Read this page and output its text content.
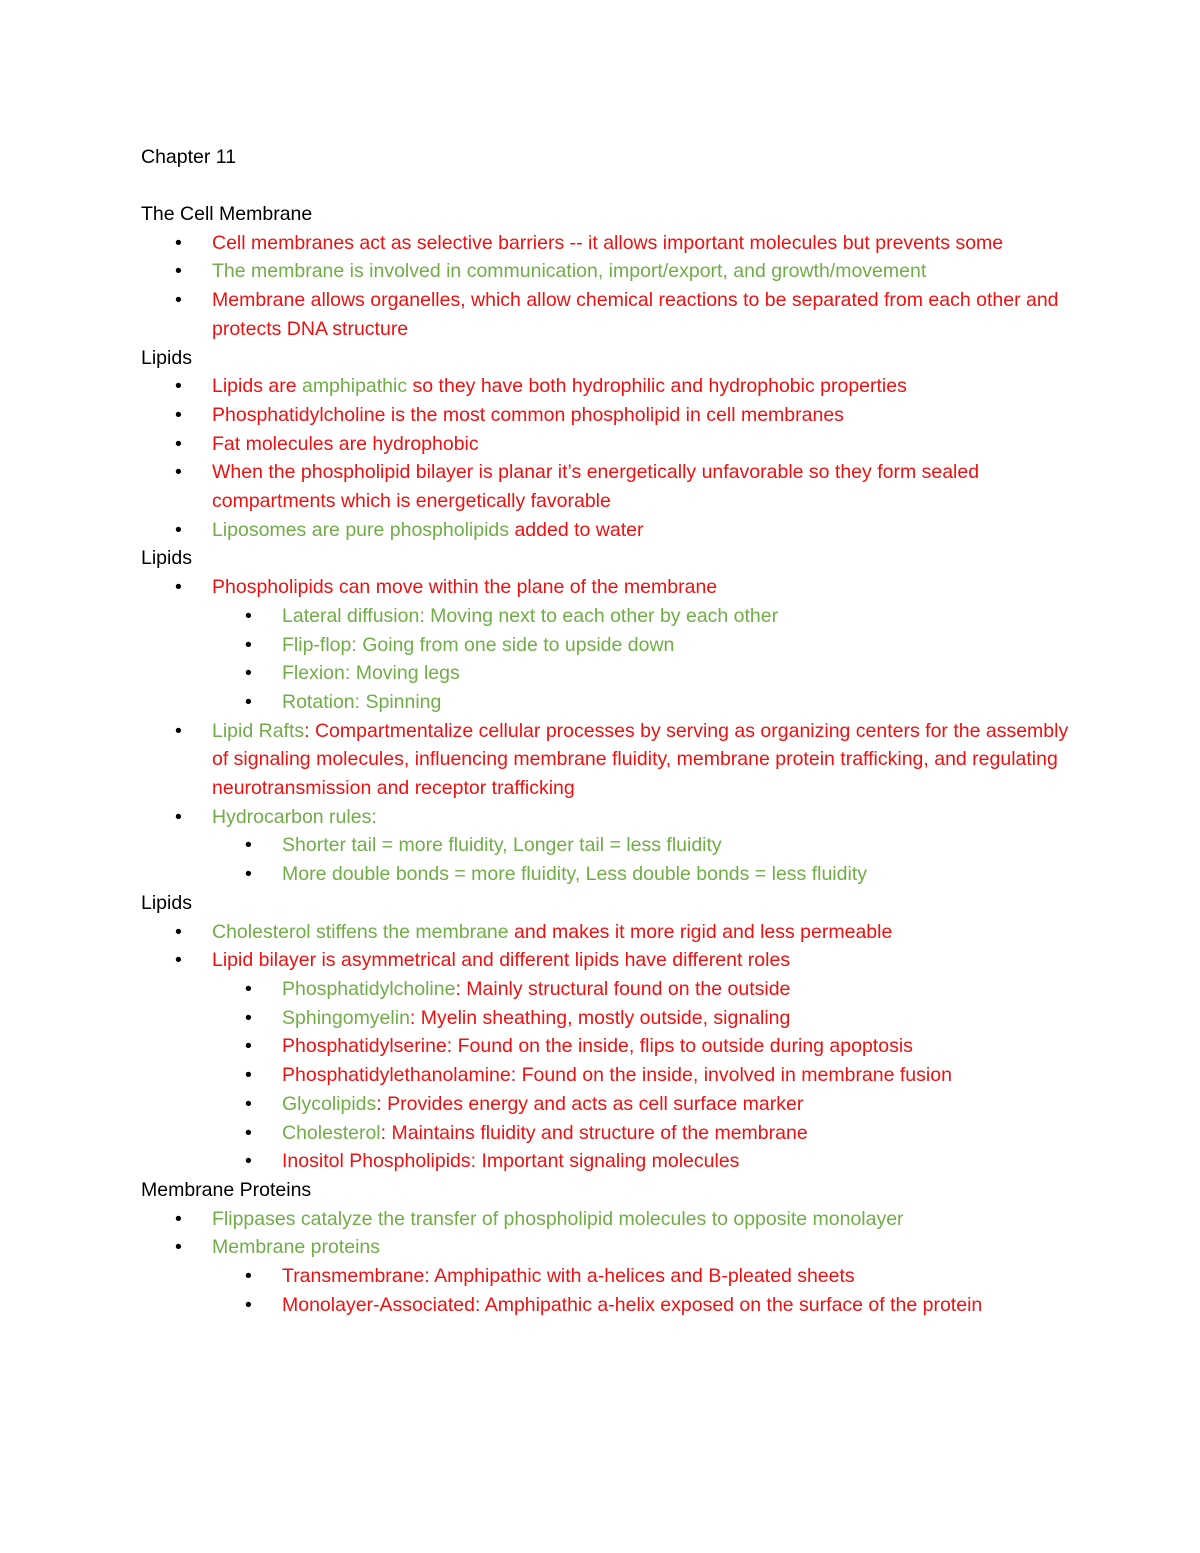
Chapter 11
The Cell Membrane
• Cell membranes act as selective barriers -- it allows important molecules but prevents some
• The membrane is involved in communication, import/export, and growth/movement
• Membrane allows organelles, which allow chemical reactions to be separated from each other and protects DNA structure
Lipids
• Lipids are amphipathic so they have both hydrophilic and hydrophobic properties
• Phosphatidylcholine is the most common phospholipid in cell membranes
• Fat molecules are hydrophobic
• When the phospholipid bilayer is planar it’s energetically unfavorable so they form sealed compartments which is energetically favorable
• Liposomes are pure phospholipids added to water
Lipids
• Phospholipids can move within the plane of the membrane
• Lateral diffusion: Moving next to each other by each other
• Flip-flop: Going from one side to upside down
• Flexion: Moving legs
• Rotation: Spinning
• Lipid Rafts: Compartmentalize cellular processes by serving as organizing centers for the assembly of signaling molecules, influencing membrane fluidity, membrane protein trafficking, and regulating neurotransmission and receptor trafficking
• Hydrocarbon rules:
• Shorter tail = more fluidity, Longer tail = less fluidity
• More double bonds = more fluidity, Less double bonds = less fluidity
Lipids
• Cholesterol stiffens the membrane and makes it more rigid and less permeable
• Lipid bilayer is asymmetrical and different lipids have different roles
• Phosphatidylcholine: Mainly structural found on the outside
• Sphingomyelin: Myelin sheathing, mostly outside, signaling
• Phosphatidylserine: Found on the inside, flips to outside during apoptosis
• Phosphatidylethanolamine: Found on the inside, involved in membrane fusion
• Glycolipids: Provides energy and acts as cell surface marker
• Cholesterol: Maintains fluidity and structure of the membrane
• Inositol Phospholipids: Important signaling molecules
Membrane Proteins
• Flippases catalyze the transfer of phospholipid molecules to opposite monolayer
• Membrane proteins
• Transmembrane: Amphipathic with a-helices and B-pleated sheets
• Monolayer-Associated: Amphipathic a-helix exposed on the surface of the protein
